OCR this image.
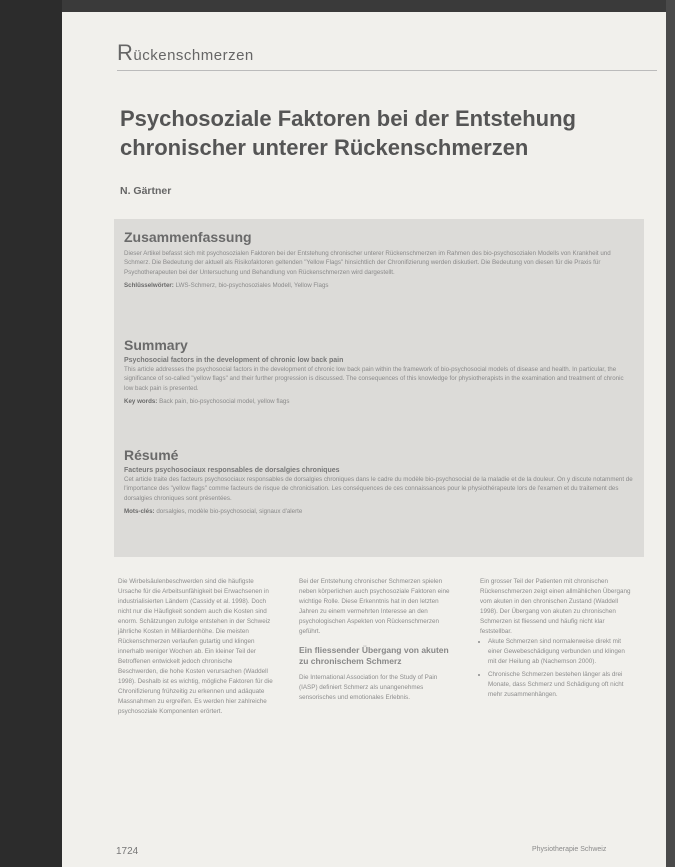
Rückenschmerzen
Psychosoziale Faktoren bei der Entstehung chronischer unterer Rückenschmerzen
N. Gärtner
Zusammenfassung

Dieser Artikel befasst sich mit psychosozialen Faktoren bei der Entstehung chronischer unterer Rückenschmerzen im Rahmen des bio-psychosozialen Modells von Krankheit und Schmerz. Die Bedeutung der aktuell als Risikofaktoren geltenden "Yellow Flags" hinsichtlich der Chronifizierung werden diskutiert. Die Bedeutung von diesen für die Praxis für Psychotherapeuten bei der Untersuchung und Behandlung von Rückenschmerzen wird dargestellt.

Schlüsselwörter: LWS-Schmerz, bio-psychosoziales Modell, Yellow Flags
Summary
Psychosocial factors in the development of chronic low back pain

This article addresses the psychosocial factors in the development of chronic low back pain within the framework of bio-psychosocial models of disease and health. In particular, the significance of so-called "yellow flags" and their further progression is discussed. The consequences of this knowledge for physiotherapists in the examination and treatment of chronic low back pain is presented.

Key words: Back pain, bio-psychosocial model, yellow flags
Résumé
Facteurs psychosociaux responsables de dorsalgies chroniques

Cet article traite des facteurs psychosociaux responsables de dorsalgies chroniques dans le cadre du modèle bio-psychosocial de la maladie et de la douleur. On y discute notamment de l'importance des "yellow flags" comme facteurs de risque de chronicisation. Les conséquences de ces connaissances pour le physiothérapeute lors de l'examen et du traitement des dorsalgies chroniques sont présentées.

Mots-clés: dorsalgies, modèle bio-psychosocial, signaux d'alerte

Die Wirbelsäulenbeschwerden sind die häufigste Ursache für die Arbeitsunfähigkeit bei Erwachsenen in industrialisierten Ländern (Cassidy et al. 1998). Doch nicht nur die Häufigkeit sondern auch die Kosten sind enorm. Schätzungen zufolge entstehen in der Schweiz jährliche Kosten in Milliardenhöhe. Die meisten Rückenschmerzen verlaufen gutartig und klingen innerhalb weniger Wochen ab. Ein kleiner Teil der Betroffenen entwickelt jedoch chronische Beschwerden, die hohe Kosten verursachen (Waddell 1998). Deshalb ist es wichtig, mögliche Faktoren für die Chronifizierung frühzeitig zu erkennen und adäquate Massnahmen zu ergreifen. Es werden hier zahlreiche psychosoziale Komponenten erörtert.

Bei der Entstehung chronischer Schmerzen spielen neben körperlichen auch psychosoziale Faktoren eine wichtige Rolle. Diese Erkenntnis hat in den letzten Jahren zu einem vermehrten Interesse an den psychologischen Aspekten von Rückenschmerzen geführt.

Ein fliessender Übergang von akuten zu chronischem Schmerz

Die International Association for the Study of Pain (IASP) definiert Schmerz als unangenehmes sensorisches und emotionales Erlebnis.

Ein grosser Teil der Patienten mit chronischen Rückenschmerzen zeigt einen allmählichen Übergang vom akuten in den chronischen Zustand (Waddell 1998). Der Übergang von akuten zu chronischen Schmerzen ist fliessend und häufig nicht klar feststellbar.

• Akute Schmerzen sind normalerweise direkt mit einer Gewebeschädigung verbunden und klingen mit der Heilung ab (Nachemson 2000).
• Chronische Schmerzen bestehen länger als drei Monate, dass Schmerz und Schädigung oft nicht mehr zusammenhängen.
1724	Physiotherapie Schweiz
